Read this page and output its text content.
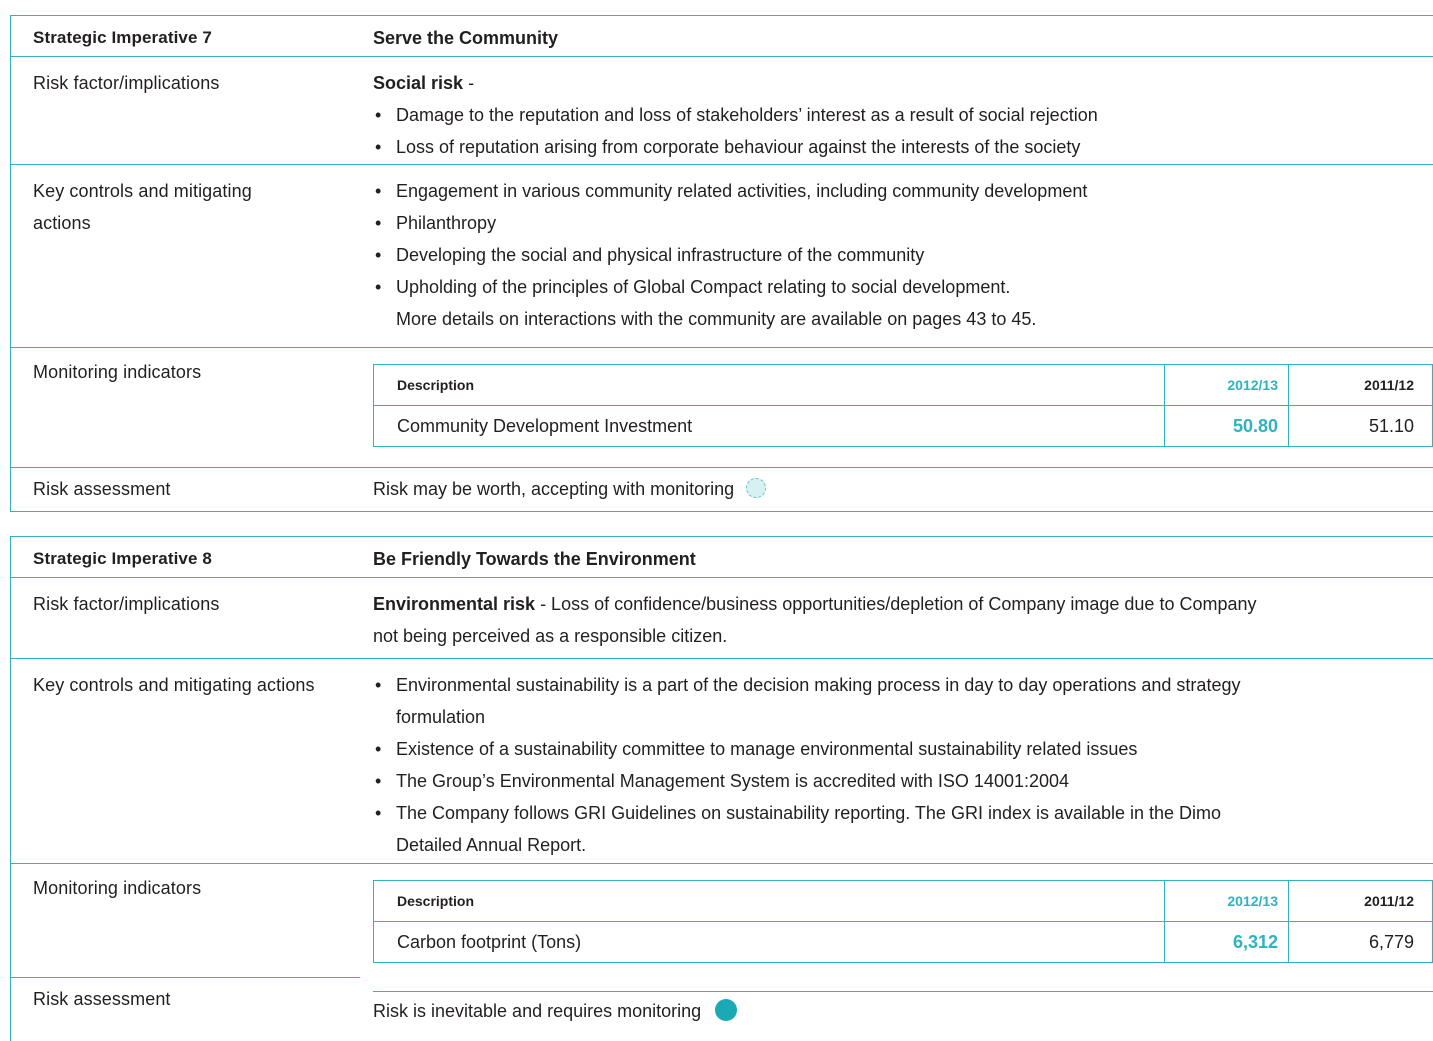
Strategic Imperative 7	Serve the Community
Risk factor/implications	Social risk -
• Damage to the reputation and loss of stakeholders’ interest as a result of social rejection
• Loss of reputation arising from corporate behaviour against the interests of the society
Key controls and mitigating
actions
• Engagement in various community related activities, including community development
• Philanthropy
• Developing the social and physical infrastructure of the community
• Upholding of the principles of Global Compact relating to social development.
More details on interactions with the community are available on pages 43 to 45.
Monitoring indicators
Description	2012/13	2011/12
Community Development Investment	50.80	51.10
Risk assessment	Risk may be worth, accepting with monitoring
Strategic Imperative 8	Be Friendly Towards the Environment
Risk factor/implications	Environmental risk - Loss of confidence/business opportunities/depletion of Company image due to Company
not being perceived as a responsible citizen.
Key controls and mitigating actions	• Environmental sustainability is a part of the decision making process in day to day operations and strategy
formulation
• Existence of a sustainability committee to manage environmental sustainability related issues
• The Group’s Environmental Management System is accredited with ISO 14001:2004
• The Company follows GRI Guidelines on sustainability reporting. The GRI index is available in the Dimo
Detailed Annual Report.
Monitoring indicators
Description	2012/13	2011/12
Carbon footprint (Tons)	6,312	6,779
Risk assessment
Risk is inevitable and requires monitoring
